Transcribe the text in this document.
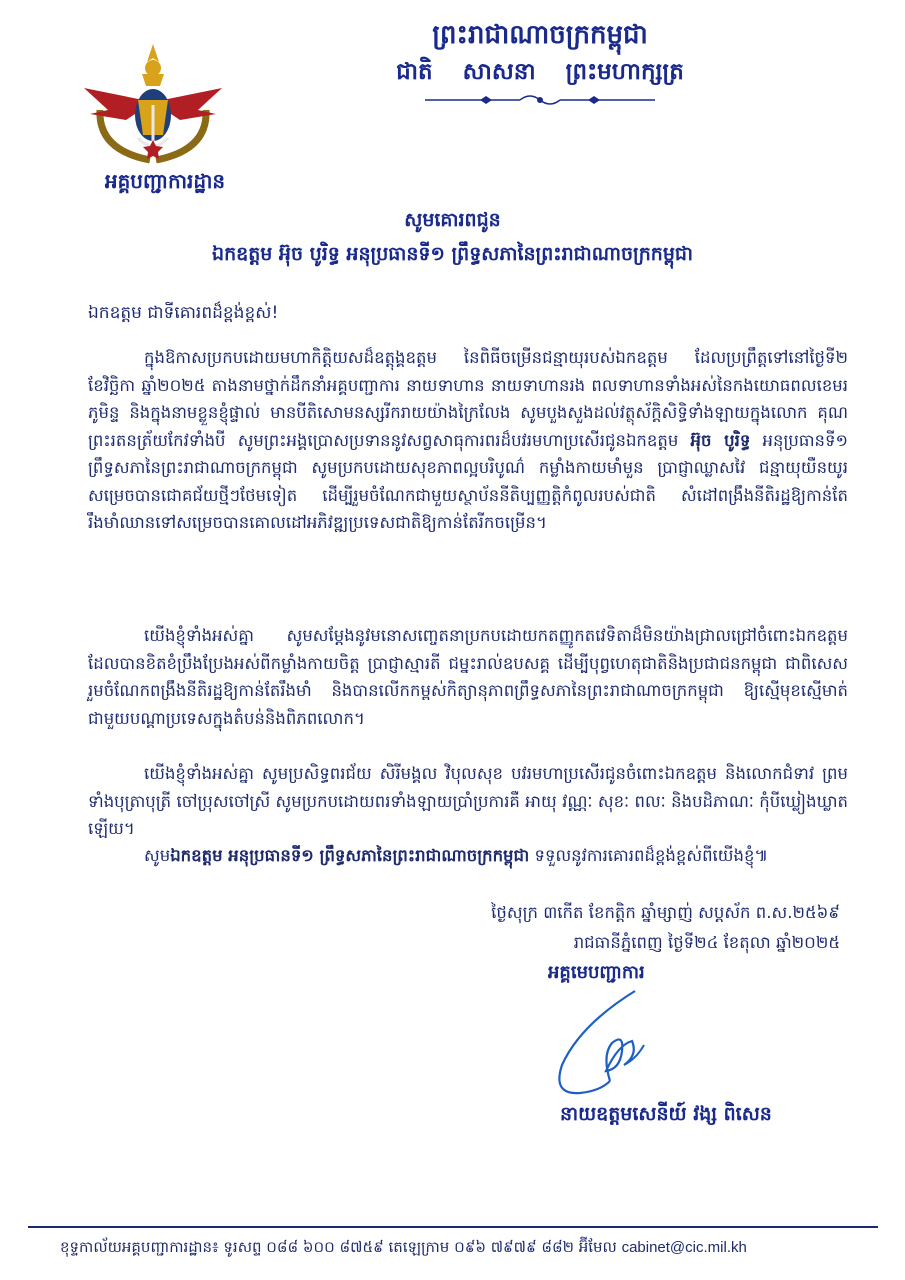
ព្រះរាជាណាចក្រកម្ពុជា
ជាតិ សាសនា ព្រះមហាក្សត្រ
អគ្គបញ្ជាការដ្ឋាន
សូមគោរពជូន
ឯកឧត្តម អ៊ុច បូរិទ្ធ អនុប្រធានទី១ ព្រឹទ្ធសភានៃព្រះរាជាណាចក្រកម្ពុជា
ឯកឧត្តម ជាទីគោរពដ៏ខ្ពង់ខ្ពស់!
ក្នុងឱកាសប្រកបដោយមហាកិត្តិយសដ៏ឧត្តុង្គឧត្តម នៃពិធីចម្រើនជន្មាយុរបស់ឯកឧត្តម ដែលប្រព្រឹត្តទៅនៅថ្ងៃទី២ ខែវិច្ឆិកា ឆ្នាំ២០២៥ តាងនាមថ្នាក់ដឹកនាំអគ្គបញ្ជាការ នាយទាហាន នាយទាហានរង ពលទាហានទាំងអស់នៃកងយោធពលខេមរភូមិន្ទ និងក្នុងនាមខ្លួនខ្ញុំផ្ទាល់ មានបីតិសោមនស្សរីករាយយ៉ាងក្រៃលែង សូមបួងសួងដល់វត្ថុស័ក្តិសិទ្ធិទាំងឡាយក្នុងលោក គុណព្រះរតនត្រ័យកែវទាំងបី សូមព្រះអង្គប្រោសប្រទាននូវសព្វសាធុការពរដ៏បវរមហាប្រសើរជូនឯកឧត្តម អ៊ុច បូរិទ្ធ អនុប្រធានទី១ ព្រឹទ្ធសភានៃព្រះរាជាណាចក្រកម្ពុជា សូមប្រកបដោយសុខភាពល្អបរិបូណ៌ កម្លាំងកាយមាំមួន ប្រាជ្ញាឈ្លាសវៃ ជន្មាយុយឺនយូរ សម្រេចបានជោគជ័យថ្មីៗថែមទៀត ដើម្បីរួមចំណែកជាមួយស្ថាប័ននីតិប្បញ្ញត្តិកំពូលរបស់ជាតិ សំដៅពង្រឹងនីតិរដ្ឋឱ្យកាន់តែរឹងមាំឈានទៅសម្រេចបានគោលដៅអភិវឌ្ឍប្រទេសជាតិឱ្យកាន់តែរីកចម្រើន។
យើងខ្ញុំទាំងអស់គ្នា សូមសម្តែងនូវមនោសញ្ចេតនាប្រកបដោយកតញ្ញូកតវេទិតាដ៏មិនយ៉ាងជ្រាលជ្រៅចំពោះឯកឧត្តម ដែលបានខិតខំប្រឹងប្រែងអស់ពីកម្លាំងកាយចិត្ត ប្រាជ្ញាស្មារតី ជម្នះរាល់ឧបសគ្គ ដើម្បីបុព្វហេតុជាតិនិងប្រជាជនកម្ពុជា ជាពិសេសរួមចំណែកពង្រឹងនីតិរដ្ឋឱ្យកាន់តែរឹងមាំ និងបានលើកកម្ពស់កិត្យានុភាពព្រឹទ្ធសភានៃព្រះរាជាណាចក្រកម្ពុជា ឱ្យស្មើមុខស្មើមាត់ជាមួយបណ្តាប្រទេសក្នុងតំបន់និងពិភពលោក។
យើងខ្ញុំទាំងអស់គ្នា សូមប្រសិទ្ធពរជ័យ សិរីមង្គល វិបុលសុខ បវរមហាប្រសើរជូនចំពោះឯកឧត្តម និងលោកជំទាវ ព្រមទាំងបុត្រាបុត្រី ចៅប្រុសចៅស្រី សូមប្រកបដោយពរទាំងឡាយប្រាំប្រការគឺ អាយុ វណ្ណៈ សុខៈ ពលៈ និងបដិភាណៈ កុំបីឃ្លៀងឃ្លាតឡើយ។
សូមឯកឧត្តម អនុប្រធានទី១ ព្រឹទ្ធសភានៃព្រះរាជាណាចក្រកម្ពុជា ទទួលនូវការគោរពដ៏ខ្ពង់ខ្ពស់ពីយើងខ្ញុំ៕
ថ្ងៃសុក្រ ៣កើត ខែកត្តិក ឆ្នាំម្សាញ់ សប្តស័ក ព.ស.២៥៦៩
រាជធានីភ្នំពេញ ថ្ងៃទី២៤ ខែតុលា ឆ្នាំ២០២៥
អគ្គមេបញ្ជាការ
នាយឧត្តមសេនីយ៍ វង្ស ពិសេន
ខុទ្ទកាល័យអគ្គបញ្ជាការដ្ឋាន៖ ទូរសព្ទ ០៨៨ ៦០០ ៨៧៥៩ តេឡេក្រាម ០៩៦ ៧៩៧៩ ៨៨២ អ៊ីមែល cabinet@cic.mil.kh
